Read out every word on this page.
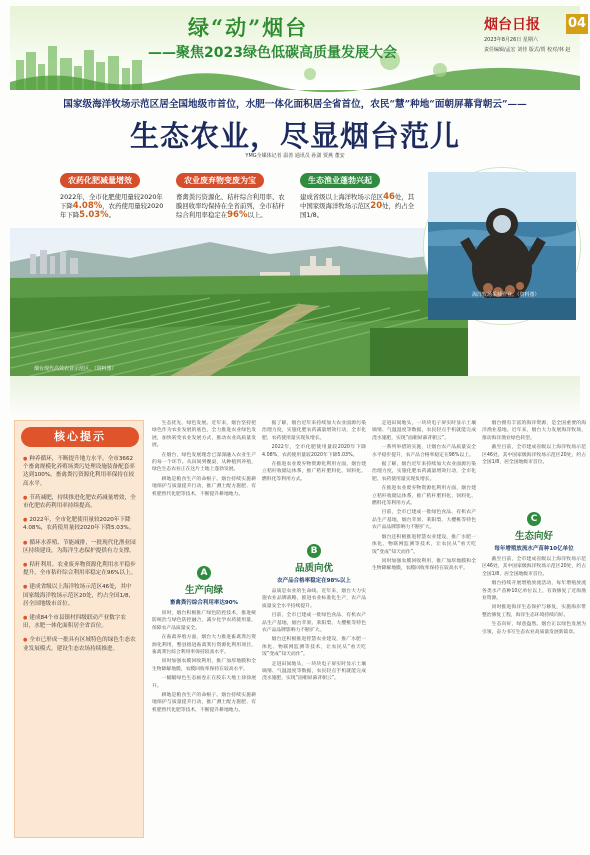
绿“动”烟台
——聚焦2023绿色低碳高质量发展大会
烟台日报	04
2023年8月26日 星期六
责任编辑/孟宏 刘佳 版式/贾 校对/林 赵
国家级海洋牧场示范区居全国地级市首位，水肥一体化面积居全省首位，农民“慧”种地“面朝屏幕背朝云”——
生态农业，尽显烟台范儿
YMG全媒体记者 温善 通讯员 孙潇 贾燕 董安
农药化肥减量增效
2022年，全市化肥使用量较2020年下降4.08%，农药使用量较2020年下降5.03%。
农业废弃物变废为宝
畜禽粪污资源化、秸秆综合利用率、农膜回收率均保持在全省前列，全市秸秆综合利用率稳定在96%以上。
生态渔业蓬勃兴起
建成省级以上海洋牧场示范区46处，其中国家级海洋牧场示范区20处，约占全国1/8。
烟台现代高效农业示范区。（资料图）
海洋牧场采捕作业。（资料图）
核心提示
● 种养循环，不断提升地力水平。全市3662个畜禽规模化养殖场粪污处理设施装备配套率达到100%，畜禽粪污资源化利用率保持在较高水平。
● 节药减肥，持续推进化肥农药减量增效，全市化肥农药利用率持续提高。
● 2022年，全市化肥使用量较2020年下降4.08%，农药使用量较2020年下降5.03%。
● 循环水养殖、节能减排，一批现代化渔业园区持续建设，为海洋生态保护提供有力支撑。
● 秸秆利用、农业废弃物资源化利用水平稳步提升，全市秸秆综合利用率稳定在96%以上。
● 建成省级以上海洋牧场示范区46处，其中国家级海洋牧场示范区20处，约占全国1/8，居全国地级市首位。
● 建成84个市县镇村四级联动产业数字农田，水肥一体化面积居全省首位。
● 全市已形成一批具有区域特色的绿色生态农业发展模式，建设生态农场持续推进。

生态优先、绿色发展。近年来，烟台坚持把绿色作为农业发展的底色，全力推进农业绿色发展，加快转变农业发展方式，推动农业高质量发展。

在烟台，绿色发展理念已深深融入农业生产的每一个环节。从田间到餐桌，从种植到养殖，绿色生态农业正在这片土地上蓬勃发展。

耕地是粮食生产的命根子。烟台持续实施耕地保护与质量提升行动，推广测土配方施肥、有机肥替代化肥等技术，不断提升耕地地力。

A
生产向绿
畜禽粪污综合利用率达90%

同时，烟台积极推广绿色防控技术，推进统防统治与绿色防控融合，减少化学农药使用量，保障农产品质量安全。

在畜禽养殖方面，烟台大力推进畜禽粪污资源化利用，整县推进畜禽粪污资源化利用项目，畜禽粪污综合利用率保持较高水平。

同时加强农膜回收利用，推广加厚地膜和全生物降解地膜，农膜回收率保持在较高水平。

一幅幅绿色生态画卷正在胶东大地上徐徐展开。

耕地是粮食生产的命根子。烟台持续实施耕地保护与质量提升行动，推广测土配方施肥、有机肥替代化肥等技术，不断提升耕地地力。

据了解，烟台近年来持续加大农业面源污染治理力度，实施化肥农药减量增效行动，全市化肥、农药使用量实现负增长。

2022年，全市化肥使用量较2020年下降4.08%，农药使用量较2020年下降5.03%。

在推进农业废弃物资源化利用方面，烟台建立秸秆收储运体系，推广秸秆肥料化、饲料化、燃料化等利用方式。

B
品质向优
农产品合格率稳定在98%以上

品质是农业的生命线。近年来，烟台大力实施农业品牌战略，推进农业标准化生产，农产品质量安全水平持续提升。

目前，全市已建成一批绿色食品、有机农产品生产基地，烟台苹果、莱阳梨、大樱桃等特色农产品品牌影响力不断扩大。

烟台还积极推进智慧农业建设，推广水肥一体化、物联网监测等技术，让农民从“看天吃饭”变成“知天而作”。

走进田间地头，一块块电子屏实时显示土壤墒情、气温湿度等数据，农民轻点手机就能完成浇水施肥，实现“面朝屏幕背朝云”。

走进田间地头，一块块电子屏实时显示土壤墒情、气温湿度等数据，农民轻点手机就能完成浇水施肥，实现“面朝屏幕背朝云”。

一系列举措的实施，让烟台农产品质量安全水平稳步提升，农产品合格率稳定在98%以上。

据了解，烟台近年来持续加大农业面源污染治理力度，实施化肥农药减量增效行动，全市化肥、农药使用量实现负增长。

在推进农业废弃物资源化利用方面，烟台建立秸秆收储运体系，推广秸秆肥料化、饲料化、燃料化等利用方式。

目前，全市已建成一批绿色食品、有机农产品生产基地，烟台苹果、莱阳梨、大樱桃等特色农产品品牌影响力不断扩大。

烟台还积极推进智慧农业建设，推广水肥一体化、物联网监测等技术，让农民从“看天吃饭”变成“知天而作”。

同时加强农膜回收利用，推广加厚地膜和全生物降解地膜，农膜回收率保持在较高水平。

烟台拥有丰富的海洋资源，是全国重要的海洋渔业基地。近年来，烟台大力发展海洋牧场，推动海洋渔业绿色转型。

截至目前，全市建成省级以上海洋牧场示范区46处，其中国家级海洋牧场示范区20处，约占全国1/8，居全国地级市首位。

C
生态向好
每年增殖放流水产苗种10亿单位

截至目前，全市建成省级以上海洋牧场示范区46处，其中国家级海洋牧场示范区20处，约占全国1/8，居全国地级市首位。

烟台持续开展增殖放流活动，每年增殖放流各类水产苗种10亿单位以上，有效修复了近海渔业资源。

同时推进海洋生态保护与修复，实施海岸带整治修复工程，海洋生态环境持续向好。

生态向好，绿意盎然。烟台正以绿色发展为引领，奋力书写生态农业高质量发展新篇章。
